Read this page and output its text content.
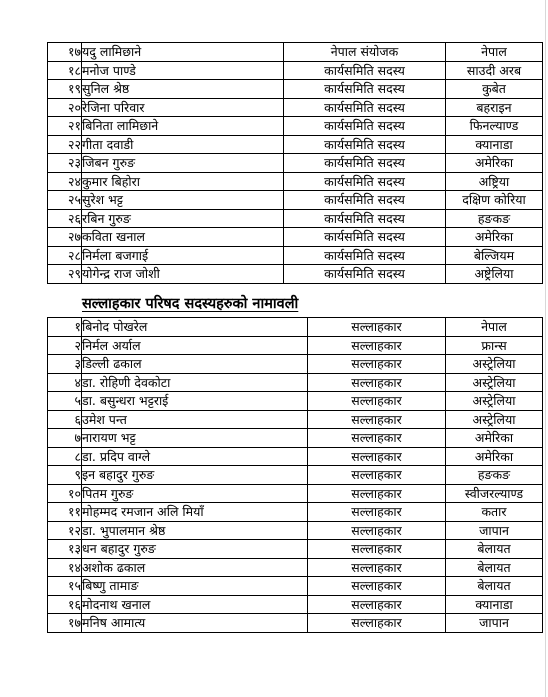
१७	यदु लामिछाने	नेपाल संयोजक	नेपाल
१८	मनोज पाण्डे	कार्यसमिति सदस्य	साउदी अरब
१९	सुनिल श्रेष्ठ	कार्यसमिति सदस्य	कुबेत
२०	रेजिना परिवार	कार्यसमिति सदस्य	बहराइन
२१	बिनिता लामिछाने	कार्यसमिति सदस्य	फिनल्याण्ड
२२	गीता दवाडी	कार्यसमिति सदस्य	क्यानाडा
२३	जिबन गुरुङ	कार्यसमिति सदस्य	अमेरिका
२४	कुमार बिहोरा	कार्यसमिति सदस्य	अष्ट्रिया
२५	सुरेश भट्ट	कार्यसमिति सदस्य	दक्षिण कोरिया
२६	रबिन गुरुङ	कार्यसमिति सदस्य	हङकङ
२७	कविता खनाल	कार्यसमिति सदस्य	अमेरिका
२८	निर्मला बजगाई	कार्यसमिति सदस्य	बेल्जियम
२९	योगेन्द्र राज जोशी	कार्यसमिति सदस्य	अष्ट्रेलिया
सल्लाहकार परिषद सदस्यहरुको नामावली
१	बिनोद पोखरेल	सल्लाहकार	नेपाल
२	निर्मल अर्याल	सल्लाहकार	फ्रान्स
३	डिल्ली ढकाल	सल्लाहकार	अस्ट्रेलिया
४	डा. रोहिणी देवकोटा	सल्लाहकार	अस्ट्रेलिया
५	डा. बसुन्धरा भट्टराई	सल्लाहकार	अस्ट्रेलिया
६	उमेश पन्त	सल्लाहकार	अस्ट्रेलिया
७	नारायण भट्ट	सल्लाहकार	अमेरिका
८	डा. प्रदिप वाग्ले	सल्लाहकार	अमेरिका
९	इन बहादुर गुरुङ	सल्लाहकार	हङकङ
१०	पितम गुरुङ	सल्लाहकार	स्वीजरल्याण्ड
११	मोहम्मद रमजान अलि मियाँ	सल्लाहकार	कतार
१२	डा. भुपालमान श्रेष्ठ	सल्लाहकार	जापान
१३	धन बहादुर गुरुङ	सल्लाहकार	बेलायत
१४	अशोक ढकाल	सल्लाहकार	बेलायत
१५	बिष्णु तामाङ	सल्लाहकार	बेलायत
१६	मोदनाथ खनाल	सल्लाहकार	क्यानाडा
१७	मनिष आमात्य	सल्लाहकार	जापान
